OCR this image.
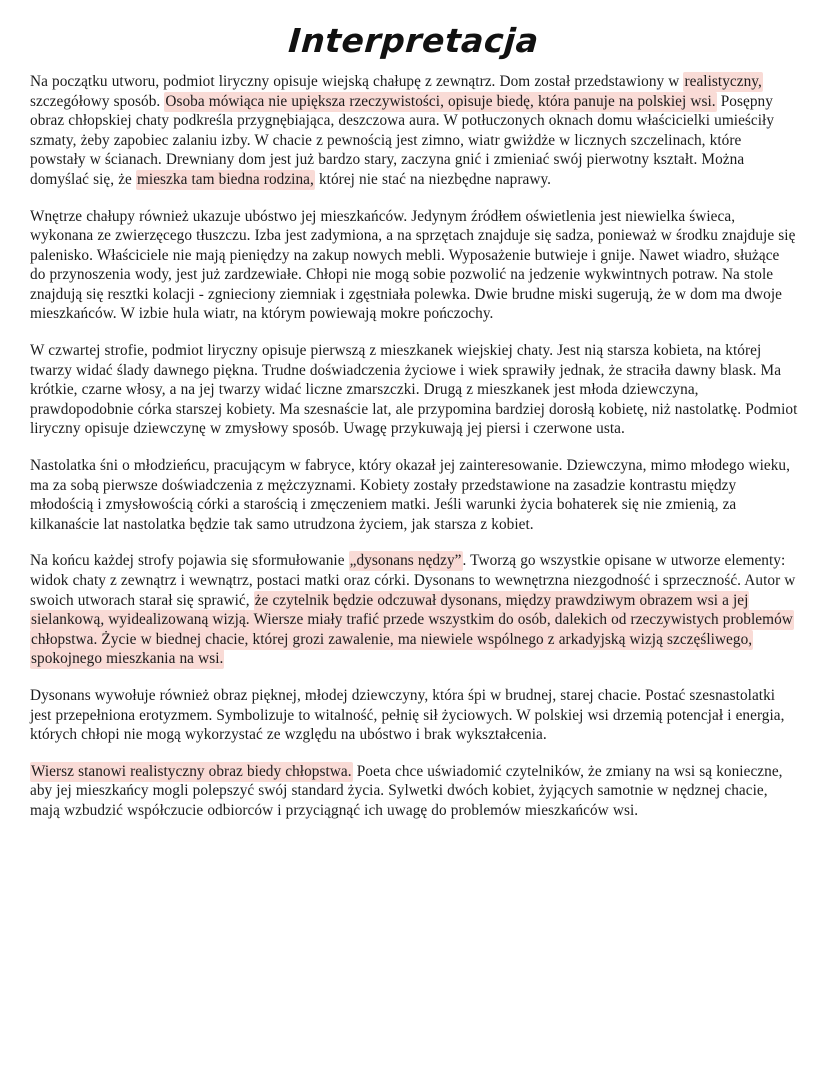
Interpretacja

Na początku utworu, podmiot liryczny opisuje wiejską chałupę z zewnątrz. Dom został przedstawiony w realistyczny, szczegółowy sposób. Osoba mówiąca nie upiększa rzeczywistości, opisuje biedę, która panuje na polskiej wsi. Posępny obraz chłopskiej chaty podkreśla przygnębiająca, deszczowa aura. W potłuczonych oknach domu właścicielki umieściły szmaty, żeby zapobiec zalaniu izby. W chacie z pewnością jest zimno, wiatr gwiżdże w licznych szczelinach, które powstały w ścianach. Drewniany dom jest już bardzo stary, zaczyna gnić i zmieniać swój pierwotny kształt. Można domyślać się, że mieszka tam biedna rodzina, której nie stać na niezbędne naprawy.

Wnętrze chałupy również ukazuje ubóstwo jej mieszkańców. Jedynym źródłem oświetlenia jest niewielka świeca, wykonana ze zwierzęcego tłuszczu. Izba jest zadymiona, a na sprzętach znajduje się sadza, ponieważ w środku znajduje się palenisko. Właściciele nie mają pieniędzy na zakup nowych mebli. Wyposażenie butwieje i gnije. Nawet wiadro, służące do przynoszenia wody, jest już zardzewiałe. Chłopi nie mogą sobie pozwolić na jedzenie wykwintnych potraw. Na stole znajdują się resztki kolacji - zgnieciony ziemniak i zgęstniała polewka. Dwie brudne miski sugerują, że w dom ma dwoje mieszkańców. W izbie hula wiatr, na którym powiewają mokre pończochy.

W czwartej strofie, podmiot liryczny opisuje pierwszą z mieszkanek wiejskiej chaty. Jest nią starsza kobieta, na której twarzy widać ślady dawnego piękna. Trudne doświadczenia życiowe i wiek sprawiły jednak, że straciła dawny blask. Ma krótkie, czarne włosy, a na jej twarzy widać liczne zmarszczki. Drugą z mieszkanek jest młoda dziewczyna, prawdopodobnie córka starszej kobiety. Ma szesnaście lat, ale przypomina bardziej dorosłą kobietę, niż nastolatkę. Podmiot liryczny opisuje dziewczynę w zmysłowy sposób. Uwagę przykuwają jej piersi i czerwone usta.

Nastolatka śni o młodzieńcu, pracującym w fabryce, który okazał jej zainteresowanie. Dziewczyna, mimo młodego wieku, ma za sobą pierwsze doświadczenia z mężczyznami. Kobiety zostały przedstawione na zasadzie kontrastu między młodością i zmysłowością córki a starością i zmęczeniem matki. Jeśli warunki życia bohaterek się nie zmienią, za kilkanaście lat nastolatka będzie tak samo utrudzona życiem, jak starsza z kobiet.

Na końcu każdej strofy pojawia się sformułowanie „dysonans nędzy”. Tworzą go wszystkie opisane w utworze elementy: widok chaty z zewnątrz i wewnątrz, postaci matki oraz córki. Dysonans to wewnętrzna niezgodność i sprzeczność. Autor w swoich utworach starał się sprawić, że czytelnik będzie odczuwał dysonans, między prawdziwym obrazem wsi a jej sielankową, wyidealizowaną wizją. Wiersze miały trafić przede wszystkim do osób, dalekich od rzeczywistych problemów chłopstwa. Życie w biednej chacie, której grozi zawalenie, ma niewiele wspólnego z arkadyjską wizją szczęśliwego, spokojnego mieszkania na wsi.

Dysonans wywołuje również obraz pięknej, młodej dziewczyny, która śpi w brudnej, starej chacie. Postać szesnastolatki jest przepełniona erotyzmem. Symbolizuje to witalność, pełnię sił życiowych. W polskiej wsi drzemią potencjał i energia, których chłopi nie mogą wykorzystać ze względu na ubóstwo i brak wykształcenia.

Wiersz stanowi realistyczny obraz biedy chłopstwa. Poeta chce uświadomić czytelników, że zmiany na wsi są konieczne, aby jej mieszkańcy mogli polepszyć swój standard życia. Sylwetki dwóch kobiet, żyjących samotnie w nędznej chacie, mają wzbudzić współczucie odbiorców i przyciągnąć ich uwagę do problemów mieszkańców wsi.
